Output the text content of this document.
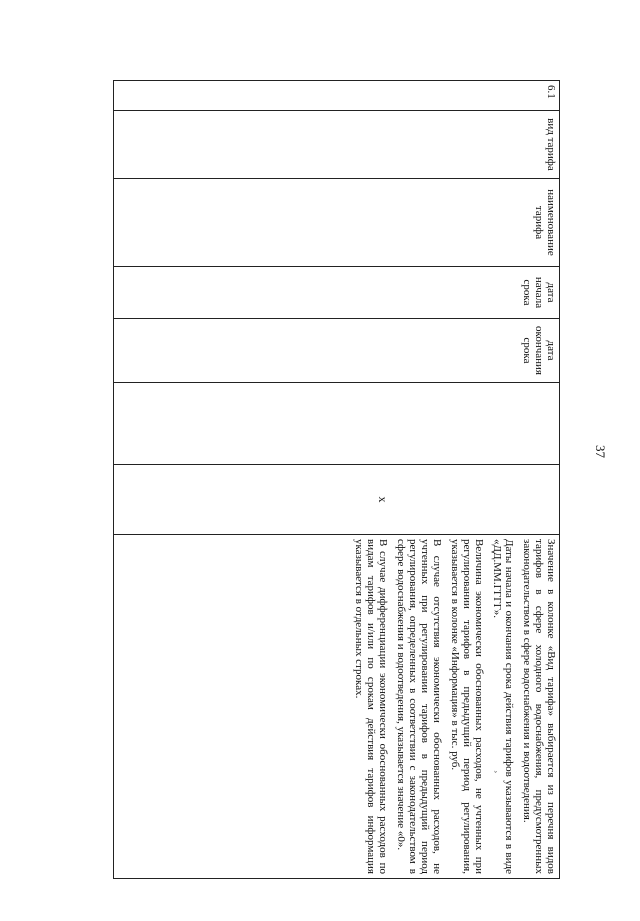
37
¸
6.1	вид тарифа	наименование тарифа	дата начала срока	дата окончания срока		х	

Значение в колонке «Вид тарифа» выбирается из перечня видов тарифов в сфере холодного водоснабжения, предусмотренных законодательством в сфере водоснабжения и водоотведения.

Даты начала и окончания срока действия тарифов указываются в виде «ДД.ММ.ГГГГ».

Величина экономически обоснованных расходов, не учтенных при регулировании тарифов в предыдущий период регулирования, указывается в колонке «Информация» в тыс. руб.

В случае отсутствия экономически обоснованных расходов, не учтенных при регулировании тарифов в предыдущий период регулирования, определенных в соответствии с законодательством в сфере водоснабжения и водоотведения, указывается значение «0».

В случае дифференциации экономически обоснованных расходов по видам тарифов и/или по срокам действия тарифов информация указывается в отдельных строках.
